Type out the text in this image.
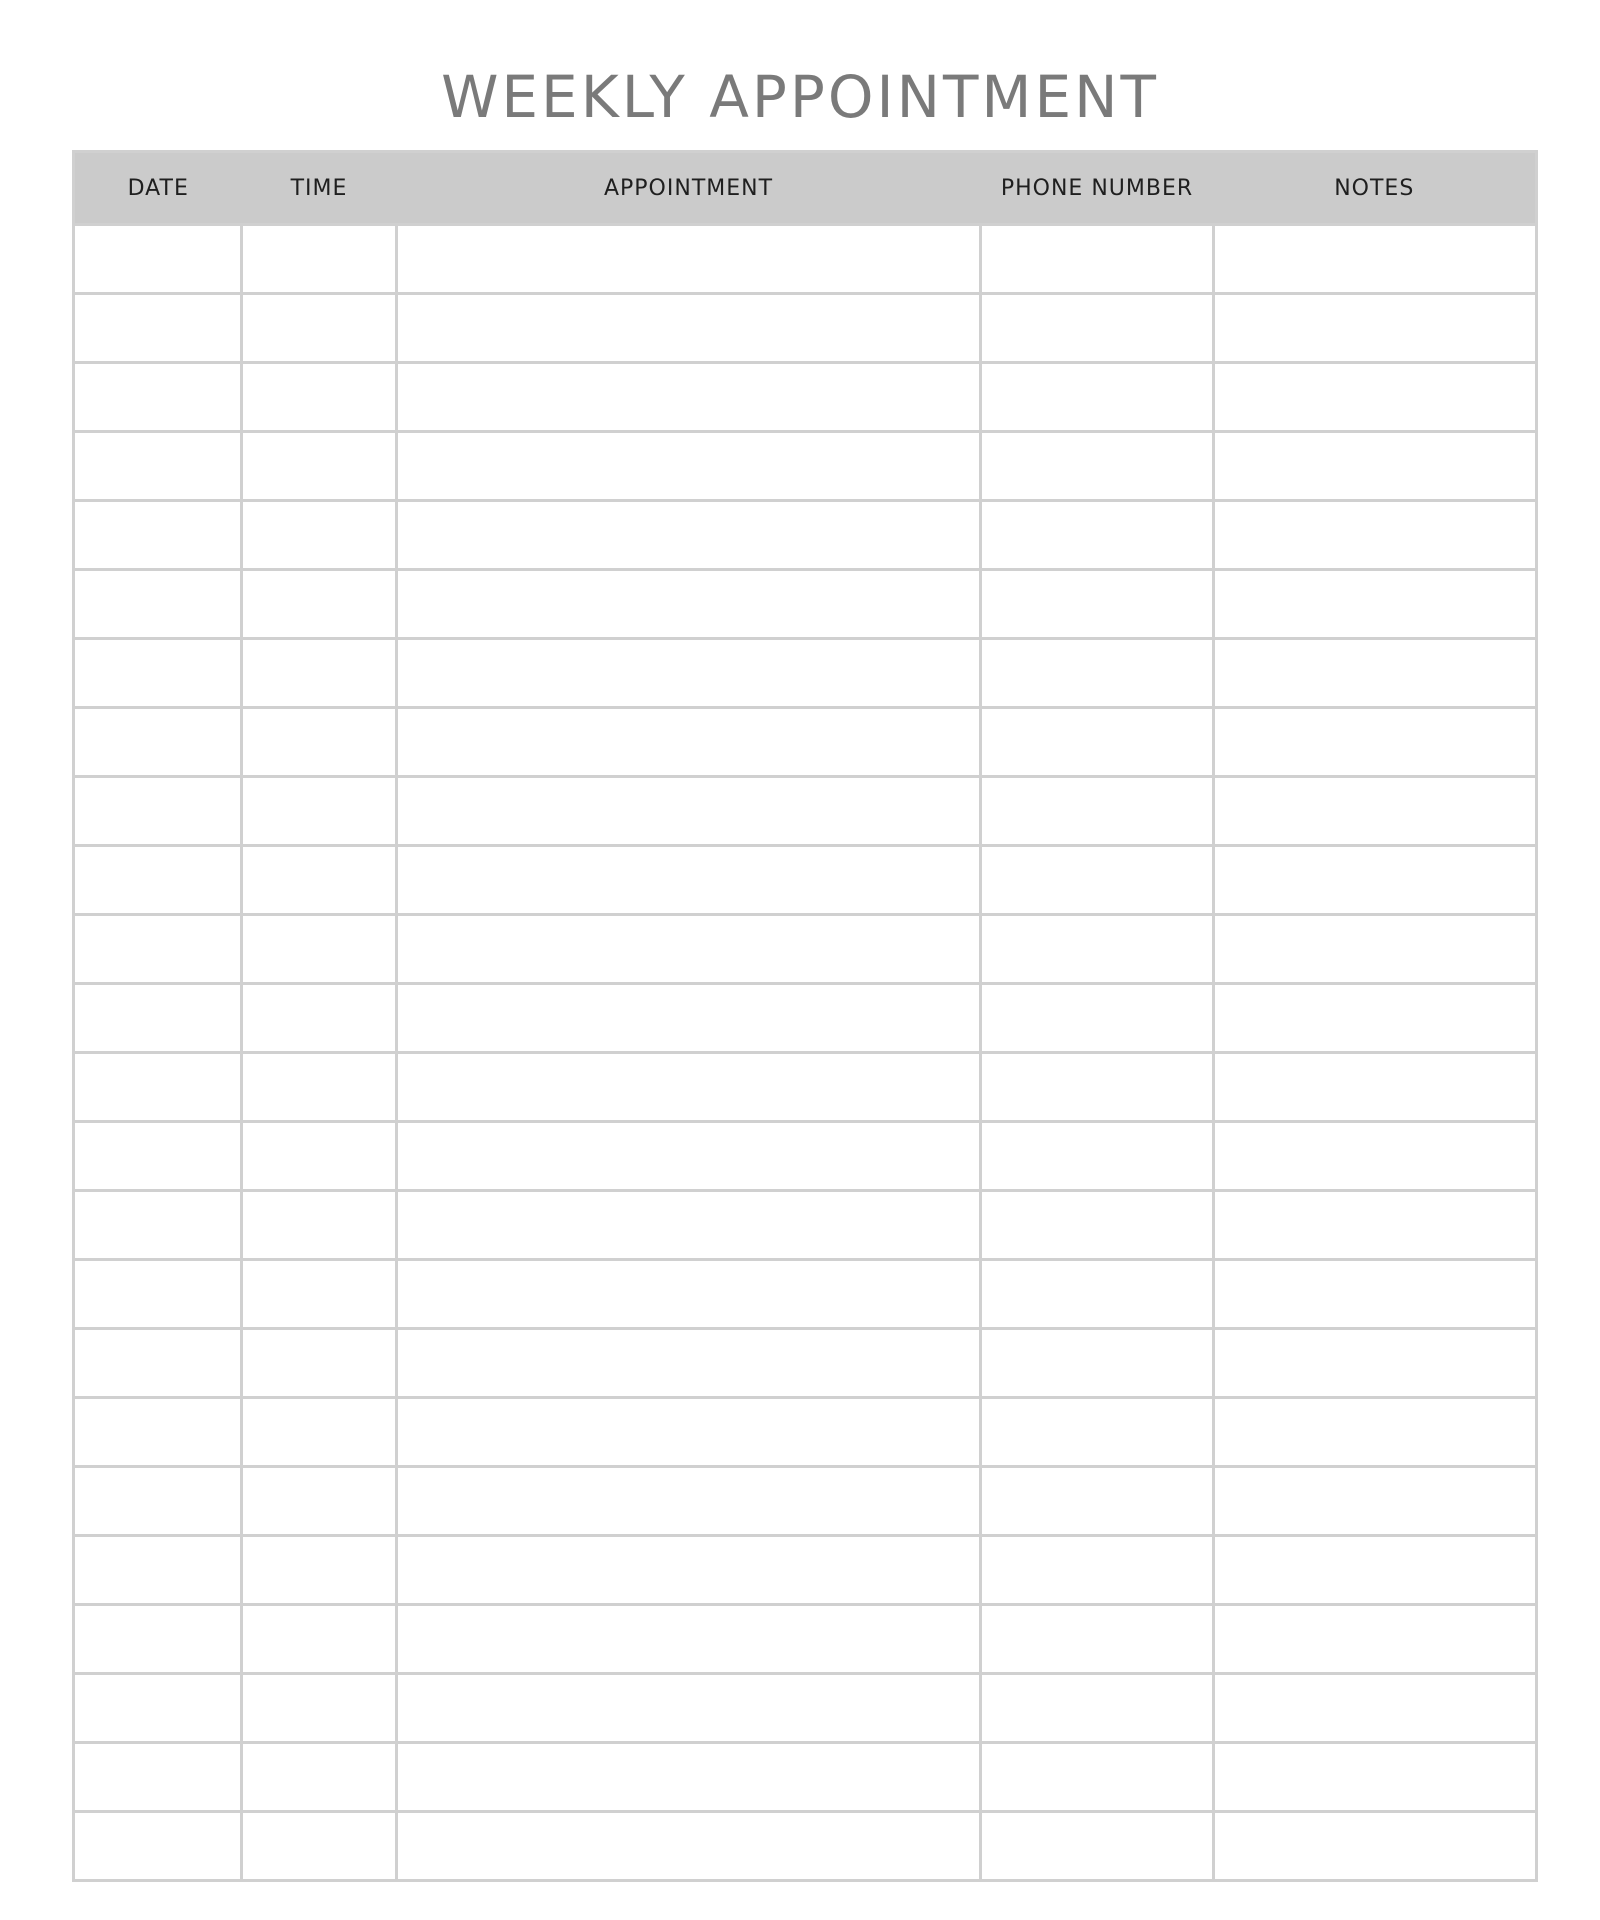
WEEKLY APPOINTMENT
DATE	TIME	APPOINTMENT	PHONE NUMBER	NOTES
